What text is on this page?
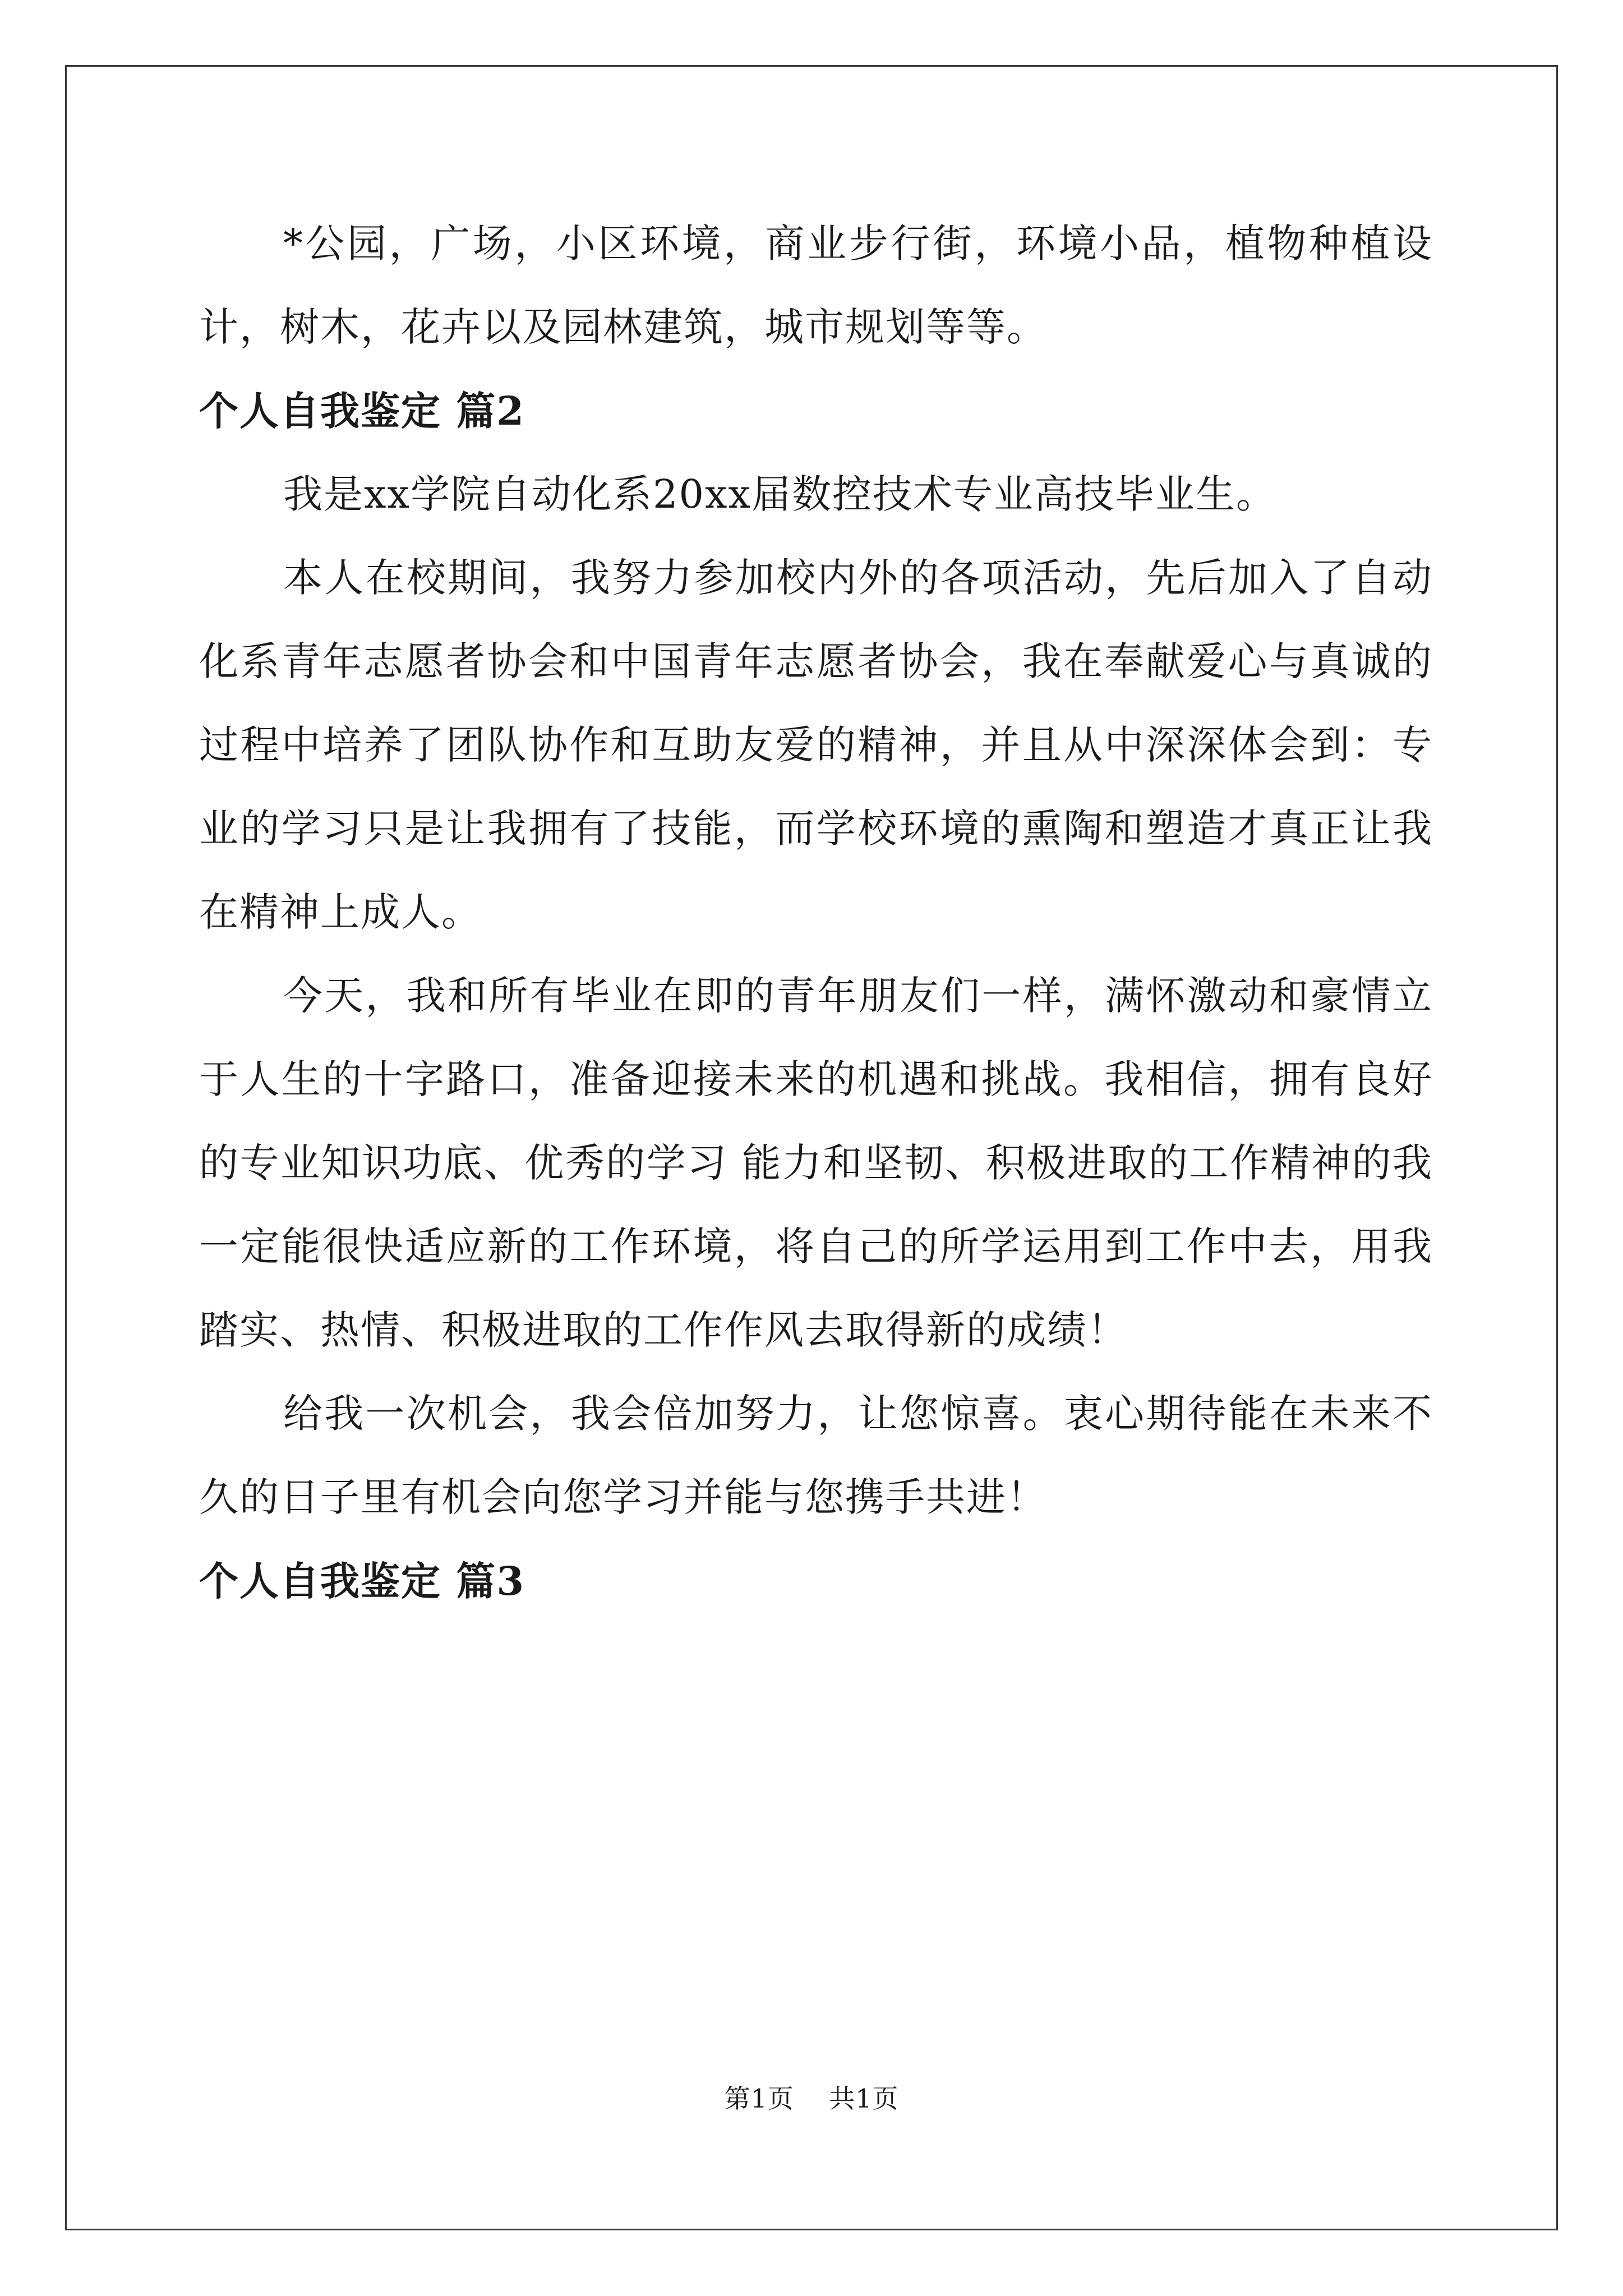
*公园，广场，小区环境，商业步行街，环境小品，植物种植设计，树木，花卉以及园林建筑，城市规划等等。

个人自我鉴定 篇2

我是xx学院自动化系20xx届数控技术专业高技毕业生。

本人在校期间，我努力参加校内外的各项活动，先后加入了自动化系青年志愿者协会和中国青年志愿者协会，我在奉献爱心与真诚的过程中培养了团队协作和互助友爱的精神，并且从中深深体会到：专业的学习只是让我拥有了技能，而学校环境的熏陶和塑造才真正让我在精神上成人。

今天，我和所有毕业在即的青年朋友们一样，满怀激动和豪情立于人生的十字路口，准备迎接未来的机遇和挑战。我相信，拥有良好的专业知识功底、优秀的学习 能力和坚韧、积极进取的工作精神的我一定能很快适应新的工作环境，将自己的所学运用到工作中去，用我踏实、热情、积极进取的工作作风去取得新的成绩！

给我一次机会，我会倍加努力，让您惊喜。衷心期待能在未来不久的日子里有机会向您学习并能与您携手共进！

个人自我鉴定 篇3
第1页 共1页
